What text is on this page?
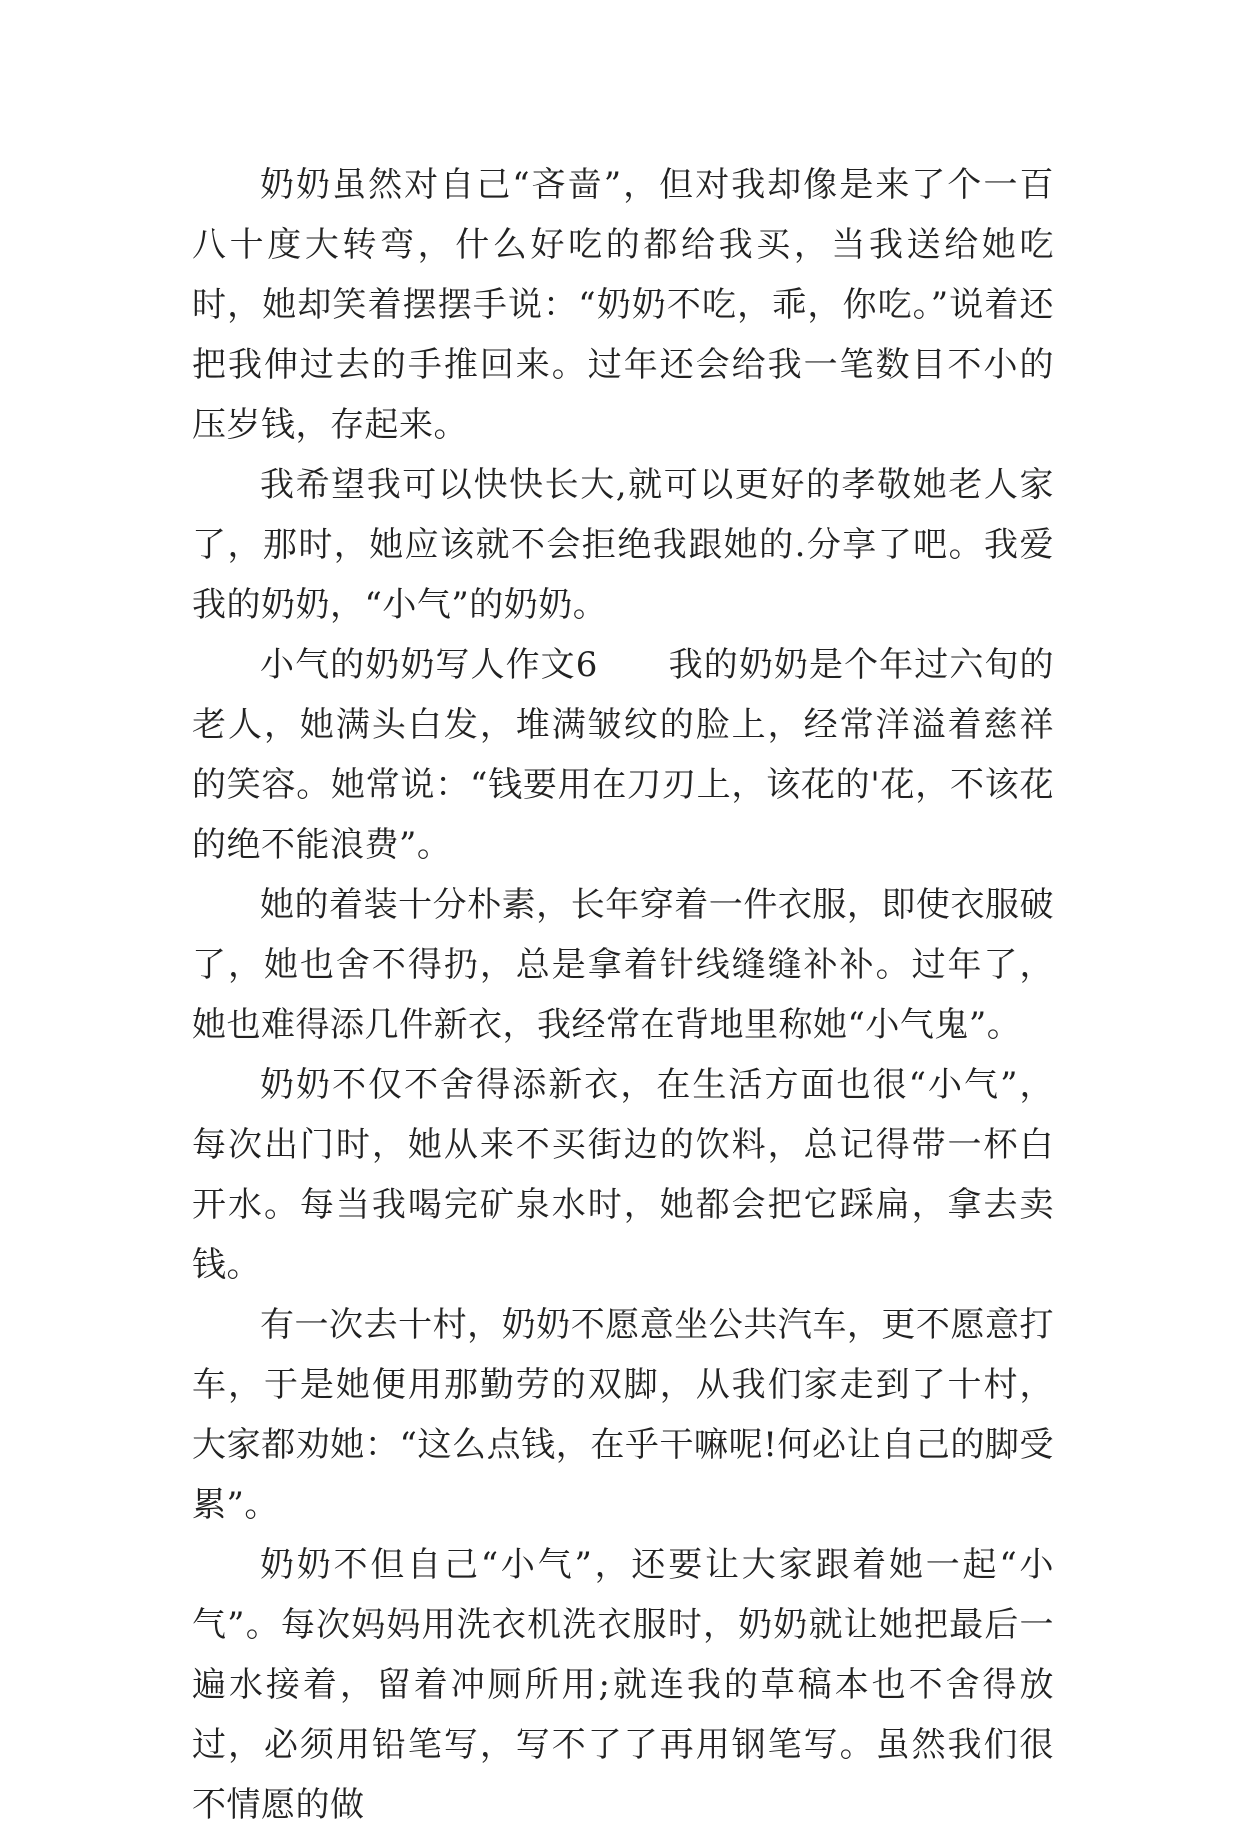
奶奶虽然对自己“吝啬”，但对我却像是来了个一百八十度大转弯，什么好吃的都给我买，当我送给她吃时，她却笑着摆摆手说：“奶奶不吃，乖，你吃。”说着还把我伸过去的手推回来。过年还会给我一笔数目不小的压岁钱，存起来。

我希望我可以快快长大,就可以更好的孝敬她老人家了，那时，她应该就不会拒绝我跟她的.分享了吧。我爱我的奶奶，“小气”的奶奶。

小气的奶奶写人作文6　　我的奶奶是个年过六旬的老人，她满头白发，堆满皱纹的脸上，经常洋溢着慈祥的笑容。她常说：“钱要用在刀刃上，该花的'花，不该花的绝不能浪费”。

她的着装十分朴素，长年穿着一件衣服，即使衣服破了，她也舍不得扔，总是拿着针线缝缝补补。过年了，她也难得添几件新衣，我经常在背地里称她“小气鬼”。

奶奶不仅不舍得添新衣，在生活方面也很“小气”，每次出门时，她从来不买街边的饮料，总记得带一杯白开水。每当我喝完矿泉水时，她都会把它踩扁，拿去卖钱。

有一次去十村，奶奶不愿意坐公共汽车，更不愿意打车，于是她便用那勤劳的双脚，从我们家走到了十村，大家都劝她：“这么点钱，在乎干嘛呢!何必让自己的脚受累”。

奶奶不但自己“小气”，还要让大家跟着她一起“小气”。每次妈妈用洗衣机洗衣服时，奶奶就让她把最后一遍水接着，留着冲厕所用;就连我的草稿本也不舍得放过，必须用铅笔写，写不了了再用钢笔写。虽然我们很不情愿的做
